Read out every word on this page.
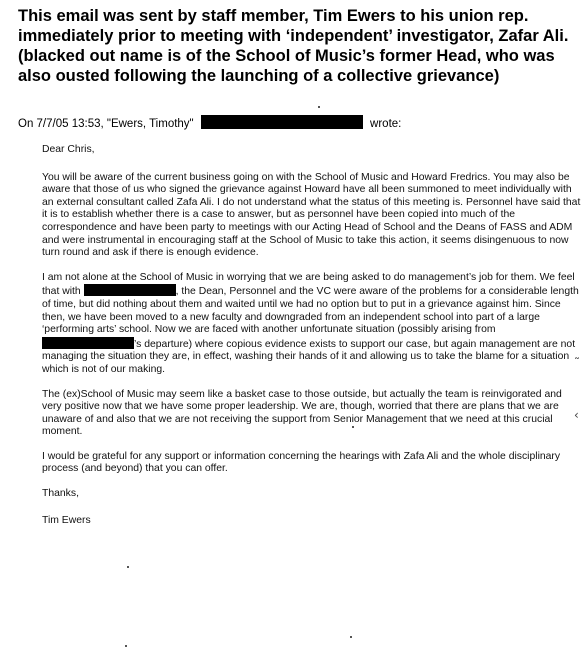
This email was sent by staff member, Tim Ewers to his union rep. immediately prior to meeting with ‘independent’ investigator, Zafar Ali. (blacked out name is of the School of Music’s former Head, who was also ousted following the launching of a collective grievance)
On 7/7/05 13:53, "Ewers, Timothy"	wrote:

Dear Chris,

You will be aware of the current business going on with the School of Music and Howard Fredrics. You may also be aware that those of us who signed the grievance against Howard have all been summoned to meet individually with an external consultant called Zafa Ali. I do not understand what the status of this meeting is. Personnel have said that it is to establish whether there is a case to answer, but as personnel have been copied into much of the correspondence and have been party to meetings with our Acting Head of School and the Deans of FASS and ADM and were instrumental in encouraging staff at the School of Music to take this action, it seems disingenuous to now turn round and ask if there is enough evidence.

I am not alone at the School of Music in worrying that we are being asked to do management’s job for them. We feel that with	, the Dean, Personnel and the VC were aware of the problems for a considerable length of time, but did nothing about them and waited until we had no option but to put in a grievance against him. Since then, we have been moved to a new faculty and downgraded from an independent school into part of a large ‘performing arts’ school. Now we are faced with another unfortunate situation (possibly arising from ’s departure) where copious evidence exists to support our case, but again management are not managing the situation they are, in effect, washing their hands of it and allowing us to take the blame for a situation which is not of our making.

The (ex)School of Music may seem like a basket case to those outside, but actually the team is reinvigorated and very positive now that we have some proper leadership. We are, though, worried that there are plans that we are unaware of and also that we are not receiving the support from Senior Management that we need at this crucial moment.

I would be grateful for any support or information concerning the hearings with Zafa Ali and the whole disciplinary process (and beyond) that you can offer.

Thanks,

Tim Ewers

˜
‹
